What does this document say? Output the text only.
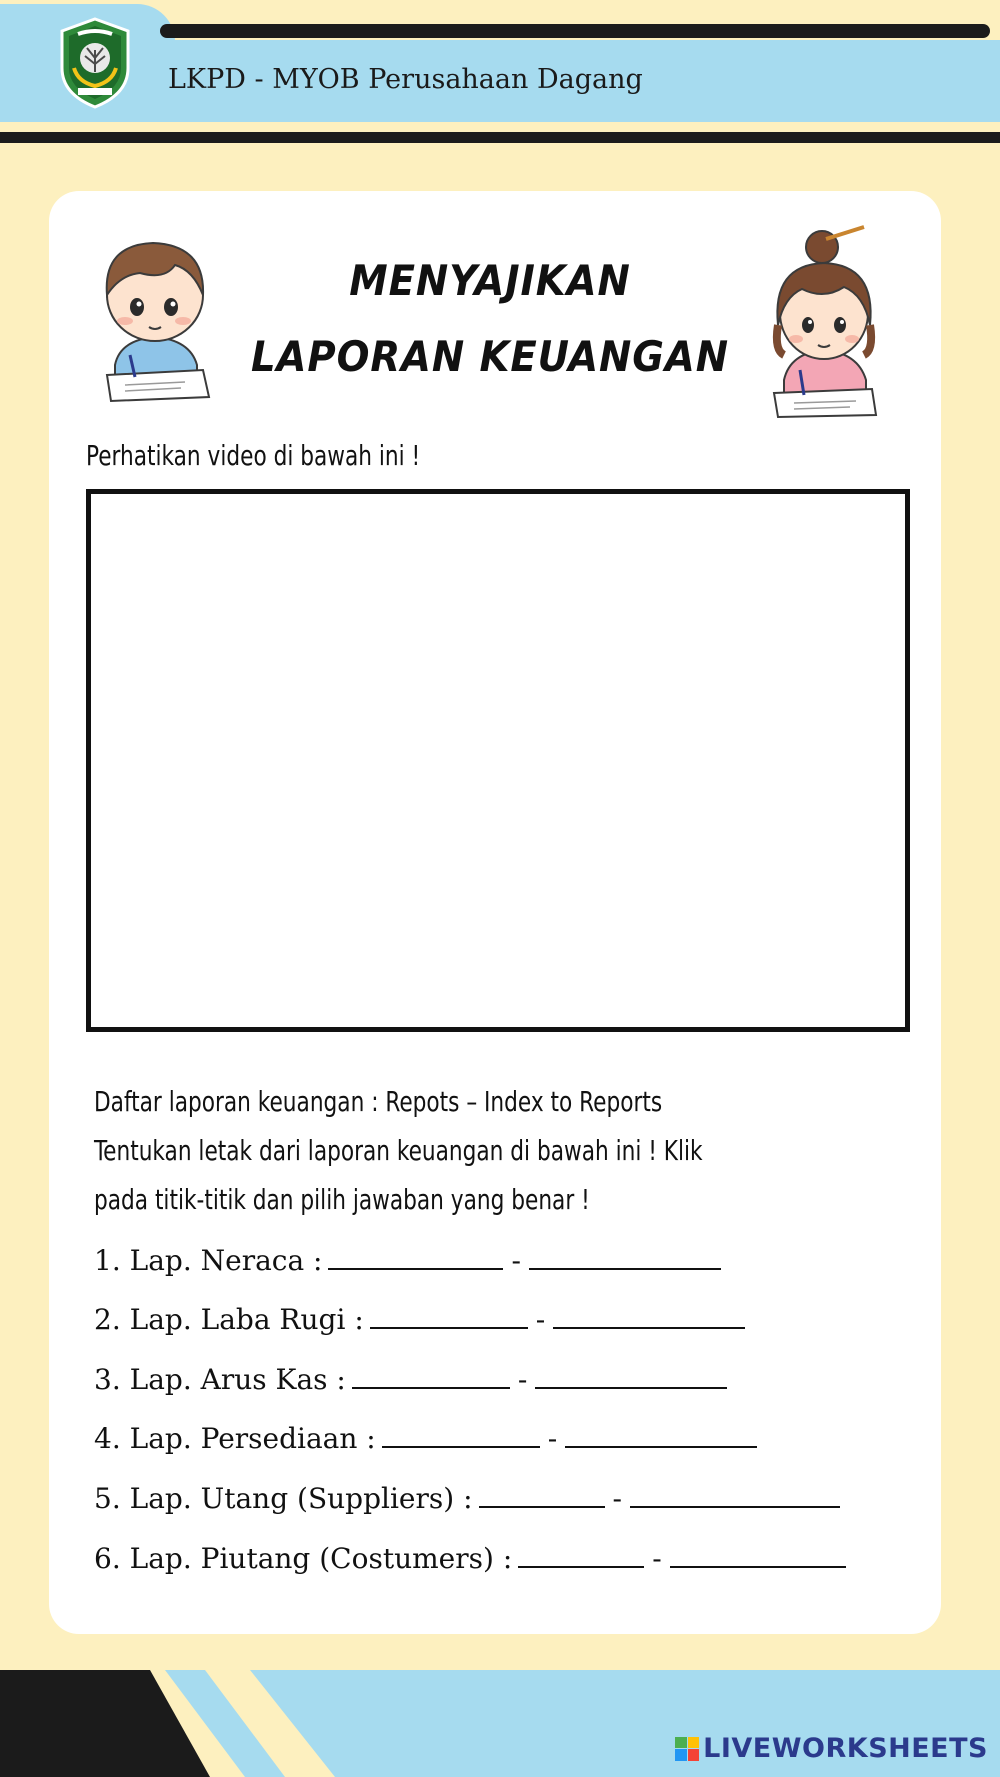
LKPD - MYOB Perusahaan Dagang
MENYAJIKAN
LAPORAN KEUANGAN
Perhatikan video di bawah ini !
Daftar laporan keuangan : Repots – Index to Reports
Tentukan letak dari laporan keuangan di bawah ini ! Klik
pada titik-titik dan pilih jawaban yang benar !
1. Lap. Neraca :	-
2. Lap. Laba Rugi :	-
3. Lap. Arus Kas :	-
4. Lap. Persediaan :	-
5. Lap. Utang (Suppliers) :	-
6. Lap. Piutang (Costumers) :	-
LIVEWORKSHEETS
